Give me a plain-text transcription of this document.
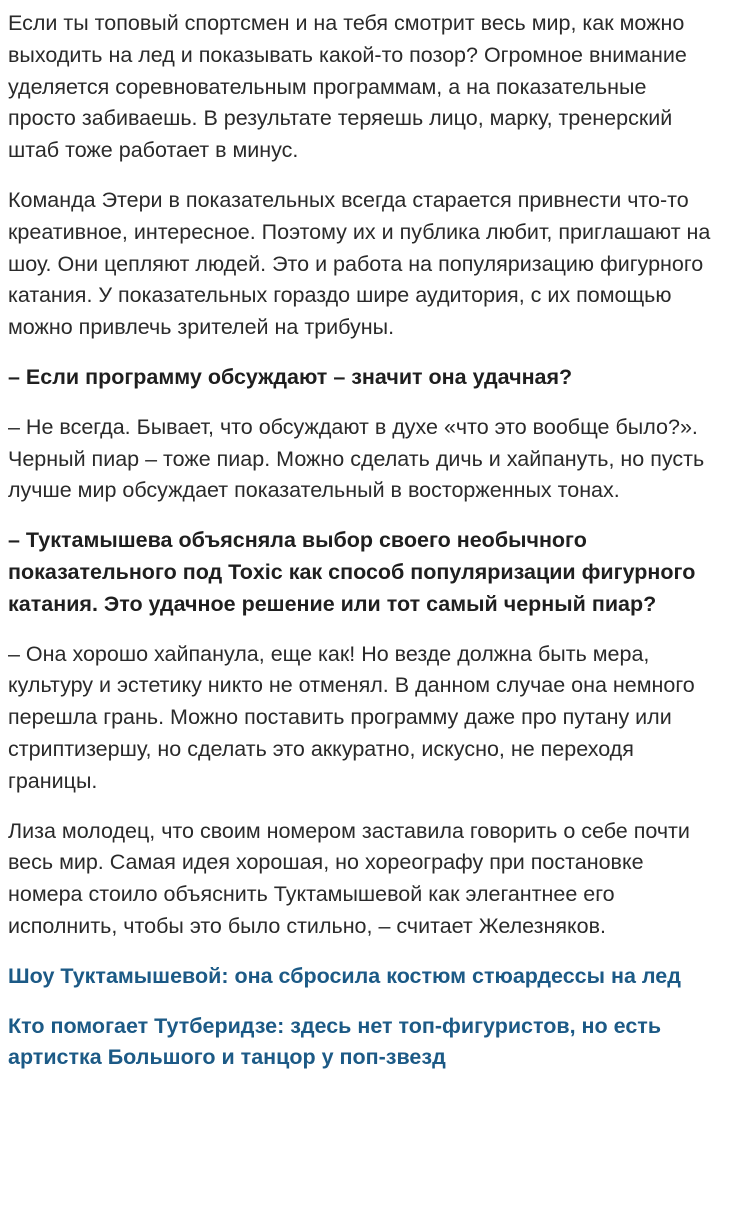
Если ты топовый спортсмен и на тебя смотрит весь мир, как можно выходить на лед и показывать какой-то позор? Огромное внимание уделяется соревновательным программам, а на показательные просто забиваешь. В результате теряешь лицо, марку, тренерский штаб тоже работает в минус.

Команда Этери в показательных всегда старается привнести что-то креативное, интересное. Поэтому их и публика любит, приглашают на шоу. Они цепляют людей. Это и работа на популяризацию фигурного катания. У показательных гораздо шире аудитория, с их помощью можно привлечь зрителей на трибуны.

– Если программу обсуждают – значит она удачная?

– Не всегда. Бывает, что обсуждают в духе «что это вообще было?». Черный пиар – тоже пиар. Можно сделать дичь и хайпануть, но пусть лучше мир обсуждает показательный в восторженных тонах.

– Туктамышева объясняла выбор своего необычного показательного под Toxic как способ популяризации фигурного катания. Это удачное решение или тот самый черный пиар?

– Она хорошо хайпанула, еще как! Но везде должна быть мера, культуру и эстетику никто не отменял. В данном случае она немного перешла грань. Можно поставить программу даже про путану или стриптизершу, но сделать это аккуратно, искусно, не переходя границы.

Лиза молодец, что своим номером заставила говорить о себе почти весь мир. Самая идея хорошая, но хореографу при постановке номера стоило объяснить Туктамышевой как элегантнее его исполнить, чтобы это было стильно, – считает Железняков.

Шоу Туктамышевой: она сбросила костюм стюардессы на лед
Кто помогает Тутберидзе: здесь нет топ-фигуристов, но есть артистка Большого и танцор у поп-звезд
